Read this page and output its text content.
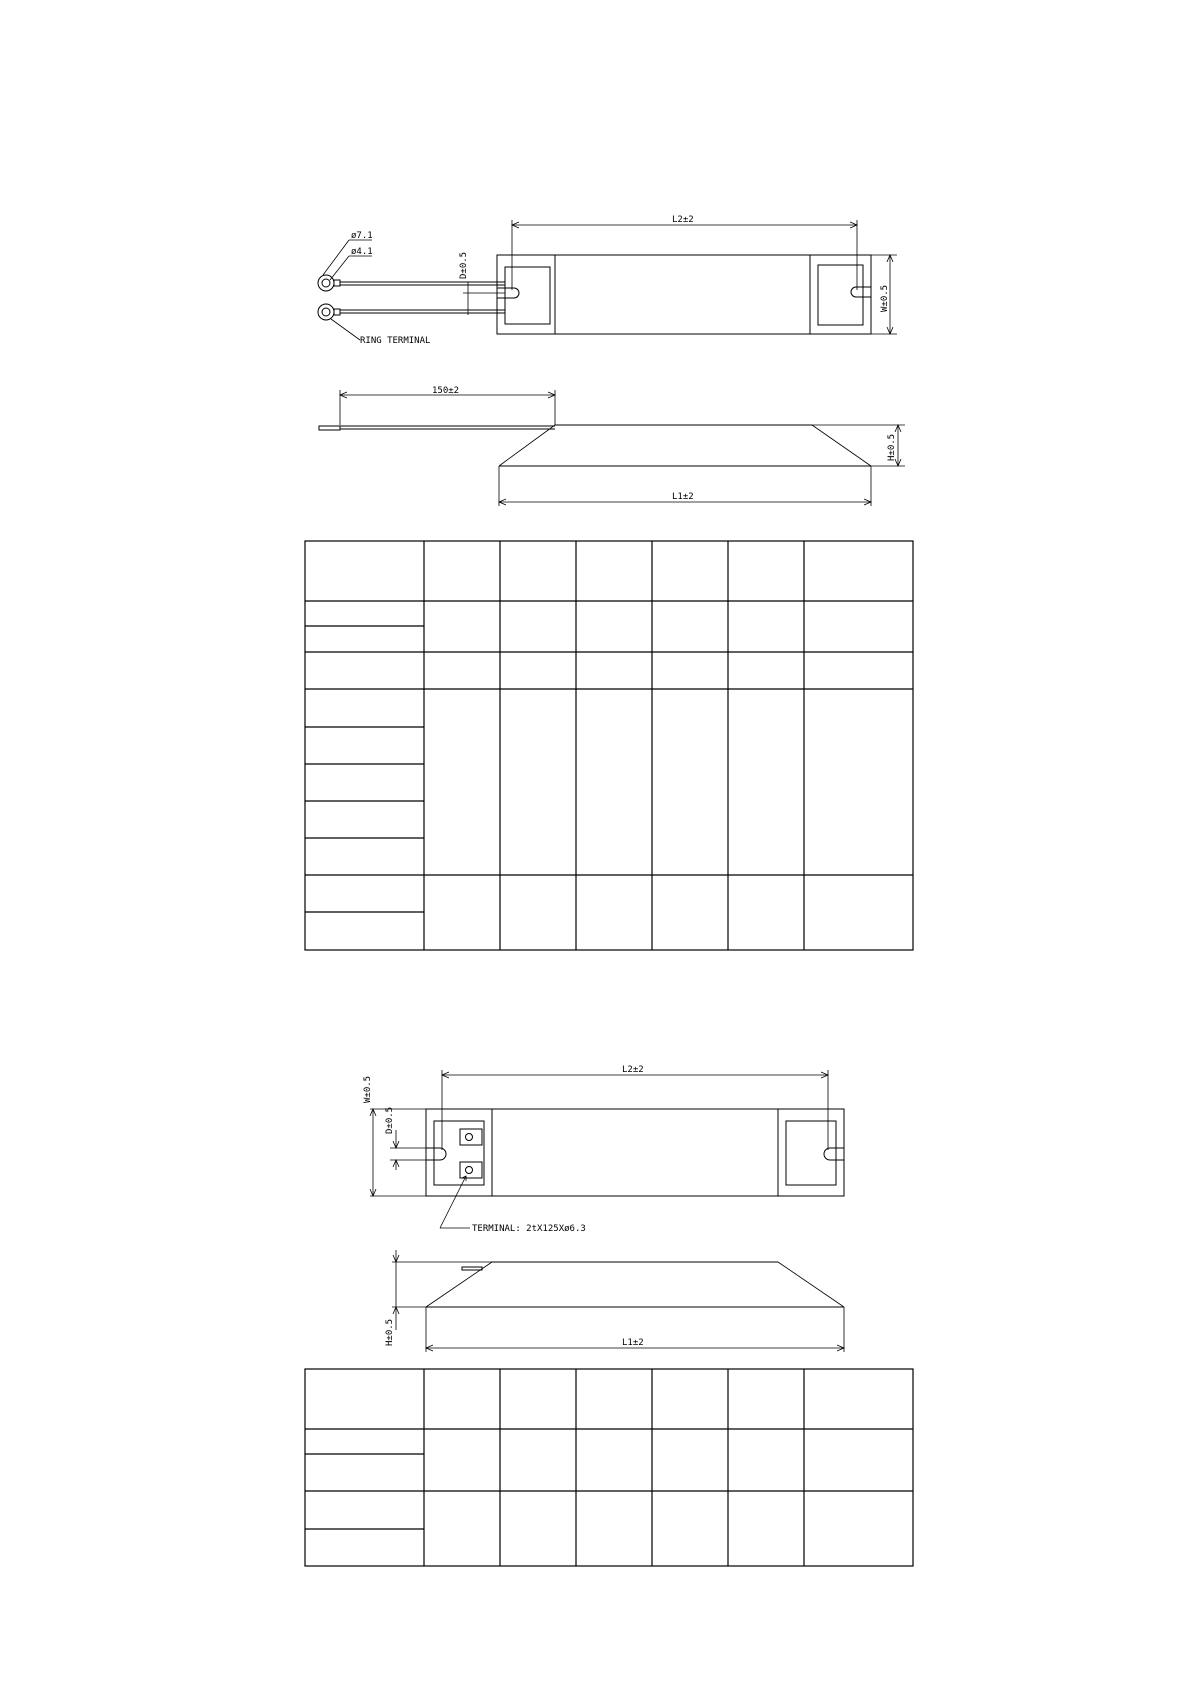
L2±2
ø7.1
ø4.1	D±0.5
W±0.5
RING TERMINAL
150±2
H±0.5
L1±2
L2±2
W±0.5
D±0.5
TERMINAL: 2tX125Xø6.3
H±0.5	L1±2
